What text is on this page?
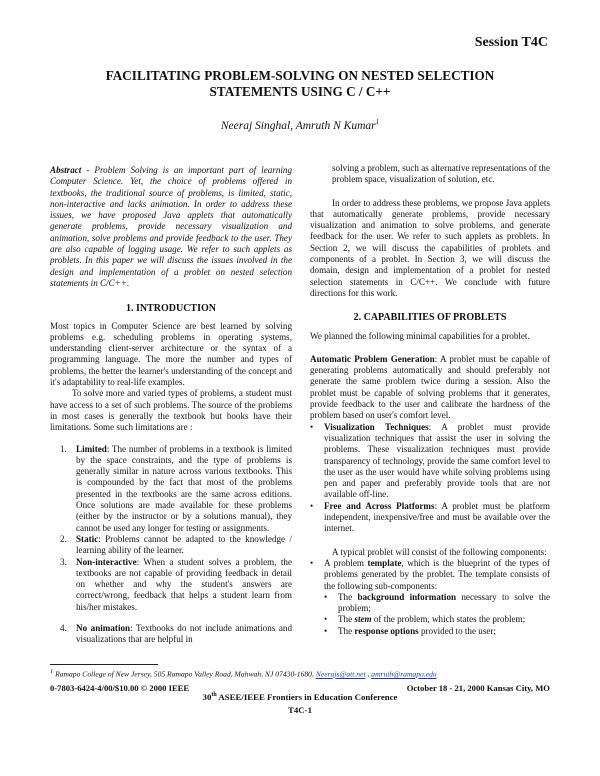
Session T4C
FACILITATING PROBLEM-SOLVING ON NESTED SELECTION
STATEMENTS USING C / C++
Neeraj Singhal, Amruth N Kumar$^1$

Abstract - Problem Solving is an important part of learning Computer Science. Yet, the choice of problems offered in textbooks, the traditional source of problems, is limited, static, non-interactive and lacks animation. In order to address these issues, we have proposed Java applets that automatically generate problems, provide necessary visualization and animation, solve problems and provide feedback to the user. They are also capable of logging usage. We refer to such applets as problets. In this paper we will discuss the issues involved in the design and implementation of a problet on nested selection statements in C/C++.

1. INTRODUCTION

Most topics in Computer Science are best learned by solving problems e.g. scheduling problems in operating systems, understanding client-server architecture or the syntax of a programming language. The more the number and types of problems, the better the learner's understanding of the concept and it's adaptability to real-life examples.

To solve more and varied types of problems, a student must have access to a set of such problems. The source of the problems in most cases is generally the textbook but books have their limitations. Some such limitations are :

1. Limited: The number of problems in a textbook is limited by the space constraints, and the type of problems is generally similar in nature across various textbooks. This is compounded by the fact that most of the problems presented in the textbooks are the same across editions. Once solutions are made available for these problems (either by the instructor or by a solutions manual), they cannot be used any longer for testing or assignments.
2. Static: Problems cannot be adapted to the knowledge / learning ability of the learner.
3. Non-interactive: When a student solves a problem, the textbooks are not capable of providing feedback in detail on whether and why the student's answers are correct/wrong, feedback that helps a student learn from his/her mistakes.
4. No animation: Textbooks do not include animations and visualizations that are helpful in

solving a problem, such as alternative representations of the problem space, visualization of solution, etc.

In order to address these problems, we propose Java applets that automatically generate problems, provide necessary visualization and animation to solve problems, and generate feedback for the user. We refer to such applets as problets. In Section 2, we will discuss the capabilities of problets and components of a problet. In Section 3, we will discuss the domain, design and implementation of a problet for nested selection statements in C/C++. We conclude with future directions for this work.

2. CAPABILITIES OF PROBLETS

We planned the following minimal capabilities for a problet.

Automatic Problem Generation: A problet must be capable of generating problems automatically and should preferably not generate the same problem twice during a session. Also the problet must be capable of solving problems that it generates, provide feedback to the user and calibrate the hardness of the problem based on user's comfort level.

• Visualization Techniques: A problet must provide visualization techniques that assist the user in solving the problems. These visualization techniques must provide transparency of technology, provide the same comfort level to the user as the user would have while solving problems using pen and paper and preferably provide tools that are not available off-line.
• Free and Across Platforms: A problet must be platform independent, inexpensive/free and must be available over the internet.

A typical problet will consist of the following components:

• A problem template, which is the blueprint of the types of problems generated by the problet. The template consists of the following sub-components:
• The background information necessary to solve the problem;
• The stem of the problem, which states the problem;
• The response options provided to the user;
$^1$ Ramapo College of New Jersey, 505 Ramapo Valley Road, Mahwah, NJ 07430-1680, Neerajs@att.net , amruth@ramapo.edu
0-7803-6424-4/00/$10.00 © 2000 IEEE	October 18 - 21, 2000 Kansas City, MO
30th ASEE/IEEE Frontiers in Education Conference
T4C-1
